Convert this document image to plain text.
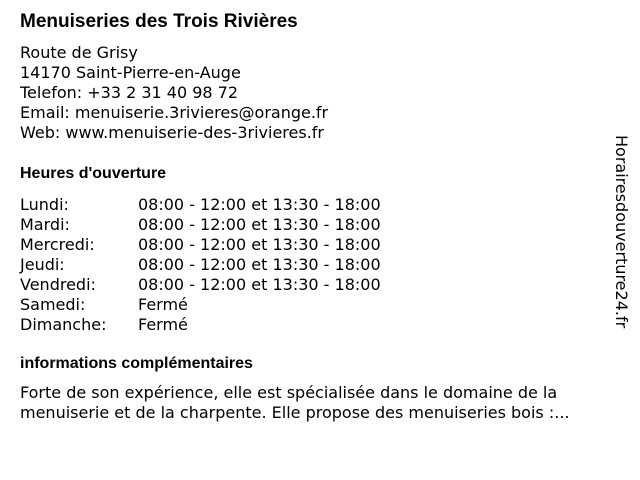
Menuiseries des Trois Rivières
Route de Grisy
14170 Saint-Pierre-en-Auge
Telefon: +33 2 31 40 98 72
Email: menuiserie.3rivieres@orange.fr
Web: www.menuiserie-des-3rivieres.fr
Heures d'ouverture
Lundi:	08:00 - 12:00 et 13:30 - 18:00
Mardi:	08:00 - 12:00 et 13:30 - 18:00
Mercredi:	08:00 - 12:00 et 13:30 - 18:00
Jeudi:	08:00 - 12:00 et 13:30 - 18:00
Vendredi:	08:00 - 12:00 et 13:30 - 18:00
Samedi:	Fermé
Dimanche: Fermé
informations complémentaires
Forte de son expérience, elle est spécialisée dans le domaine de la
menuiserie et de la charpente. Elle propose des menuiseries bois :...
Horairesdouverture24.fr
